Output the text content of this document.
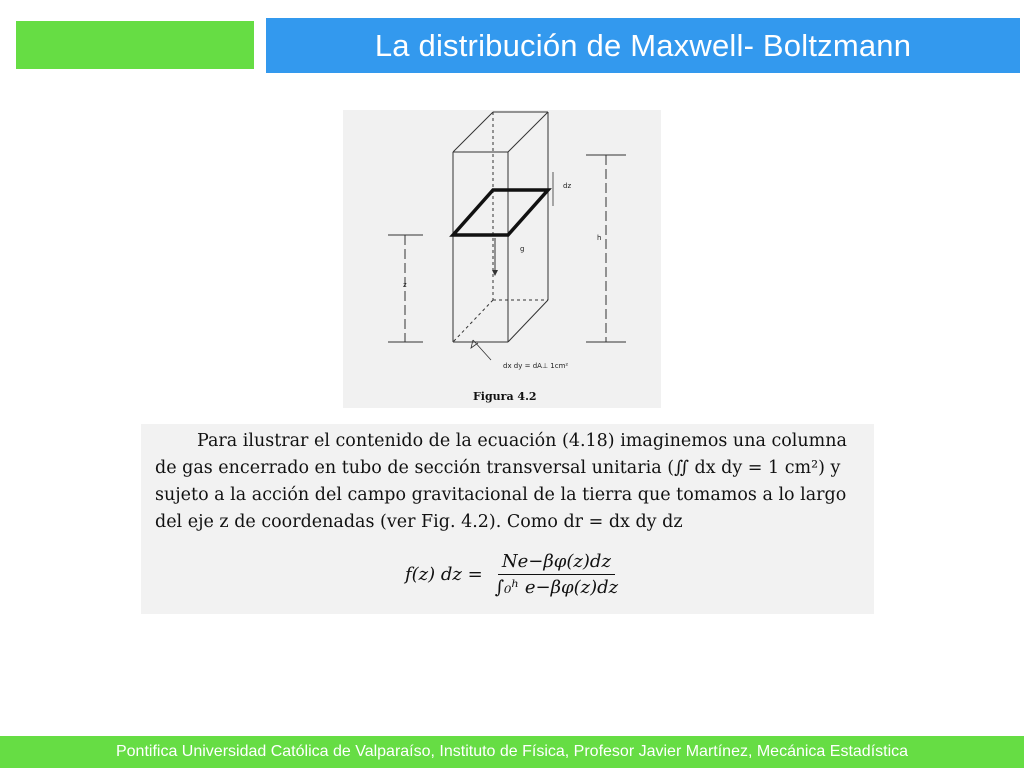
La distribución de Maxwell- Boltzmann
g
dz
h
z
dx dy = dA⊥ 1cm²
Figura 4.2
Para ilustrar el contenido de la ecuación (4.18) imaginemos una columna
de gas encerrado en tubo de sección transversal unitaria (∬ dx dy = 1 cm²) y
sujeto a la acción del campo gravitacional de la tierra que tomamos a lo largo
del eje z de coordenadas (ver Fig. 4.2). Como dr = dx dy dz
f(z) dz = $\frac{Ne-\beta\varphi(z)dz}{\text{∫₀ʰ e−βφ(z)dz}}$
Pontifica Universidad Católica de Valparaíso, Instituto de Física, Profesor Javier Martínez, Mecánica Estadística
